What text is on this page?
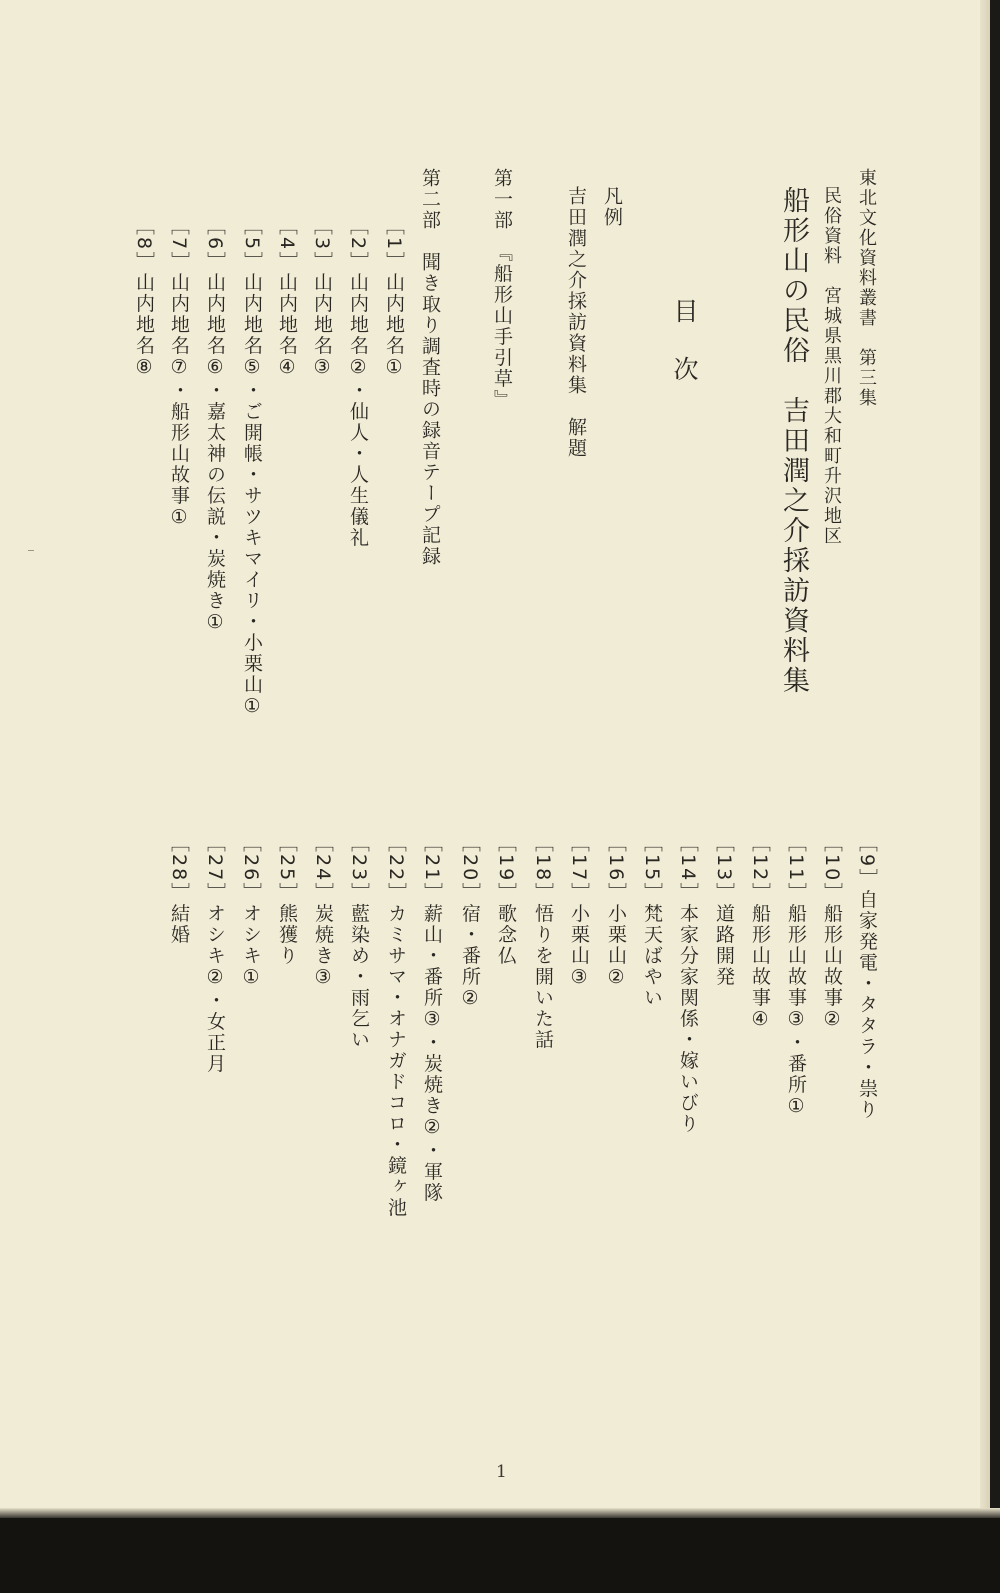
東北文化資料叢書　第三集
民俗資料　宮城県黒川郡大和町升沢地区
船形山の民俗　吉田潤之介採訪資料集
目
次
凡例
吉田潤之介採訪資料集　解題
第一部　『船形山手引草』
第二部　聞き取り調査時の録音テープ記録
［1］山内地名①
［2］山内地名②・仙人・人生儀礼
［3］山内地名③
［4］山内地名④
［5］山内地名⑤・ご開帳・サツキマイリ・小栗山①
［6］山内地名⑥・嘉太神の伝説・炭焼き①
［7］山内地名⑦・船形山故事①
［8］山内地名⑧
［9］自家発電・タタラ・祟り
［10］船形山故事②
［11］船形山故事③・番所①
［12］船形山故事④
［13］道路開発
［14］本家分家関係・嫁いびり
［15］梵天ばやい
［16］小栗山②
［17］小栗山③
［18］悟りを開いた話
［19］歌念仏
［20］宿・番所②
［21］薪山・番所③・炭焼き②・軍隊
［22］カミサマ・オナガドコロ・鏡ヶ池
［23］藍染め・雨乞い
［24］炭焼き③
［25］熊獲り
［26］オシキ①
［27］オシキ②・女正月
［28］結婚
1
